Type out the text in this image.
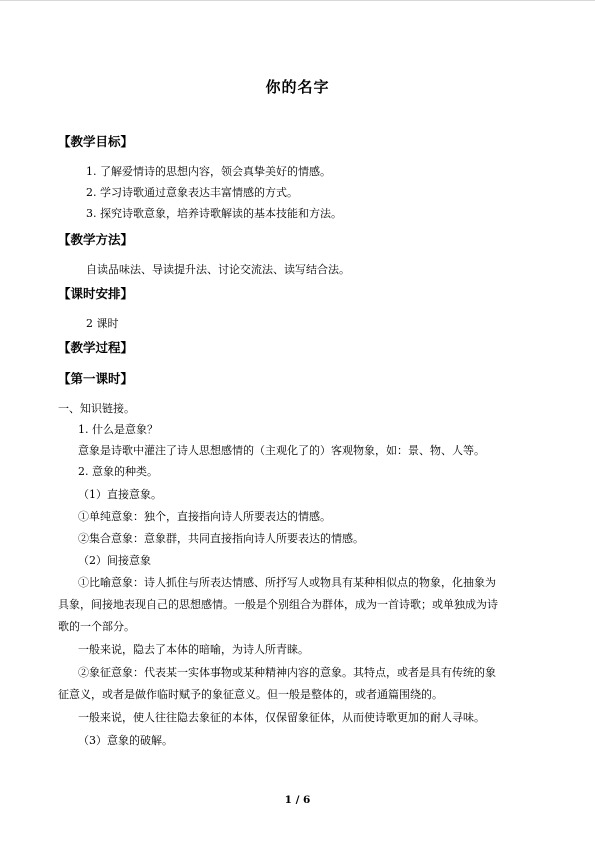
你的名字
【教学目标】
1. 了解爱情诗的思想内容，领会真挚美好的情感。
2. 学习诗歌通过意象表达丰富情感的方式。
3. 探究诗歌意象，培养诗歌解读的基本技能和方法。
【教学方法】
自读品味法、导读提升法、讨论交流法、读写结合法。
【课时安排】
2 课时
【教学过程】
【第一课时】
一、知识链接。
1. 什么是意象？
意象是诗歌中灌注了诗人思想感情的（主观化了的）客观物象，如：景、物、人等。
2. 意象的种类。
（1）直接意象。
①单纯意象：独个，直接指向诗人所要表达的情感。
②集合意象：意象群，共同直接指向诗人所要表达的情感。
（2）间接意象
①比喻意象：诗人抓住与所表达情感、所抒写人或物具有某种相似点的物象，化抽象为
具象，间接地表现自己的思想感情。一般是个别组合为群体，成为一首诗歌；或单独成为诗
歌的一个部分。
一般来说，隐去了本体的暗喻，为诗人所青睐。
②象征意象：代表某一实体事物或某种精神内容的意象。其特点，或者是具有传统的象
征意义，或者是做作临时赋予的象征意义。但一般是整体的，或者通篇围绕的。
一般来说，使人往往隐去象征的本体，仅保留象征体，从而使诗歌更加的耐人寻味。
（3）意象的破解。
1 / 6
